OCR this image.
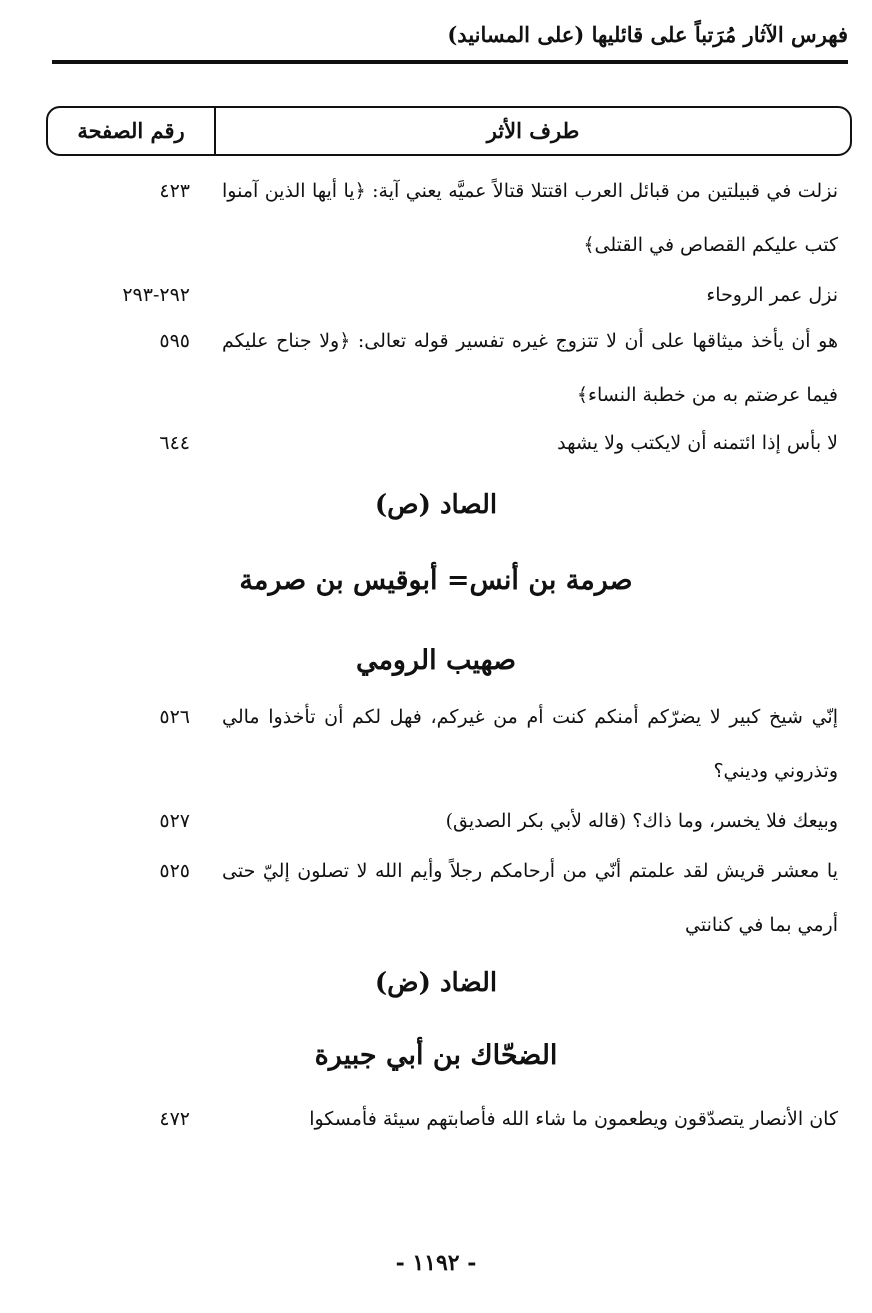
فهرس الآثار مُرَتباً على قائليها (على المسانيد)
رقم الصفحة	طرف الأثر
نزلت في قبيلتين من قبائل العرب اقتتلا قتالاً عميَّه يعني آية: ﴿يا أيها الذين آمنوا كتب عليكم القصاص في القتلى﴾
٤٢٣
نزل عمر الروحاء
٢٩٢-٢٩٣
هو أن يأخذ ميثاقها على أن لا تتزوج غيره تفسير قوله تعالى: ﴿ولا جناح عليكم فيما عرضتم به من خطبة النساء﴾
٥٩٥
لا بأس إذا ائتمنه أن لايكتب ولا يشهد
٦٤٤
الصاد (ص)
صرمة بن أنس= أبوقيس بن صرمة
صهيب الرومي
إنّي شيخ كبير لا يضرّكم أمنكم كنت أم من غيركم، فهل لكم أن تأخذوا مالي وتذروني وديني؟
٥٢٦
وبيعك فلا يخسر، وما ذاك؟ (قاله لأبي بكر الصديق)
٥٢٧
يا معشر قريش لقد علمتم أنّي من أرحامكم رجلاً وأيم الله لا تصلون إليّ حتى أرمي بما في كنانتي
٥٢٥
الضاد (ض)
الضحّاك بن أبي جبيرة
كان الأنصار يتصدّقون ويطعمون ما شاء الله فأصابتهم سيئة فأمسكوا
٤٧٢
- ١١٩٢ -
